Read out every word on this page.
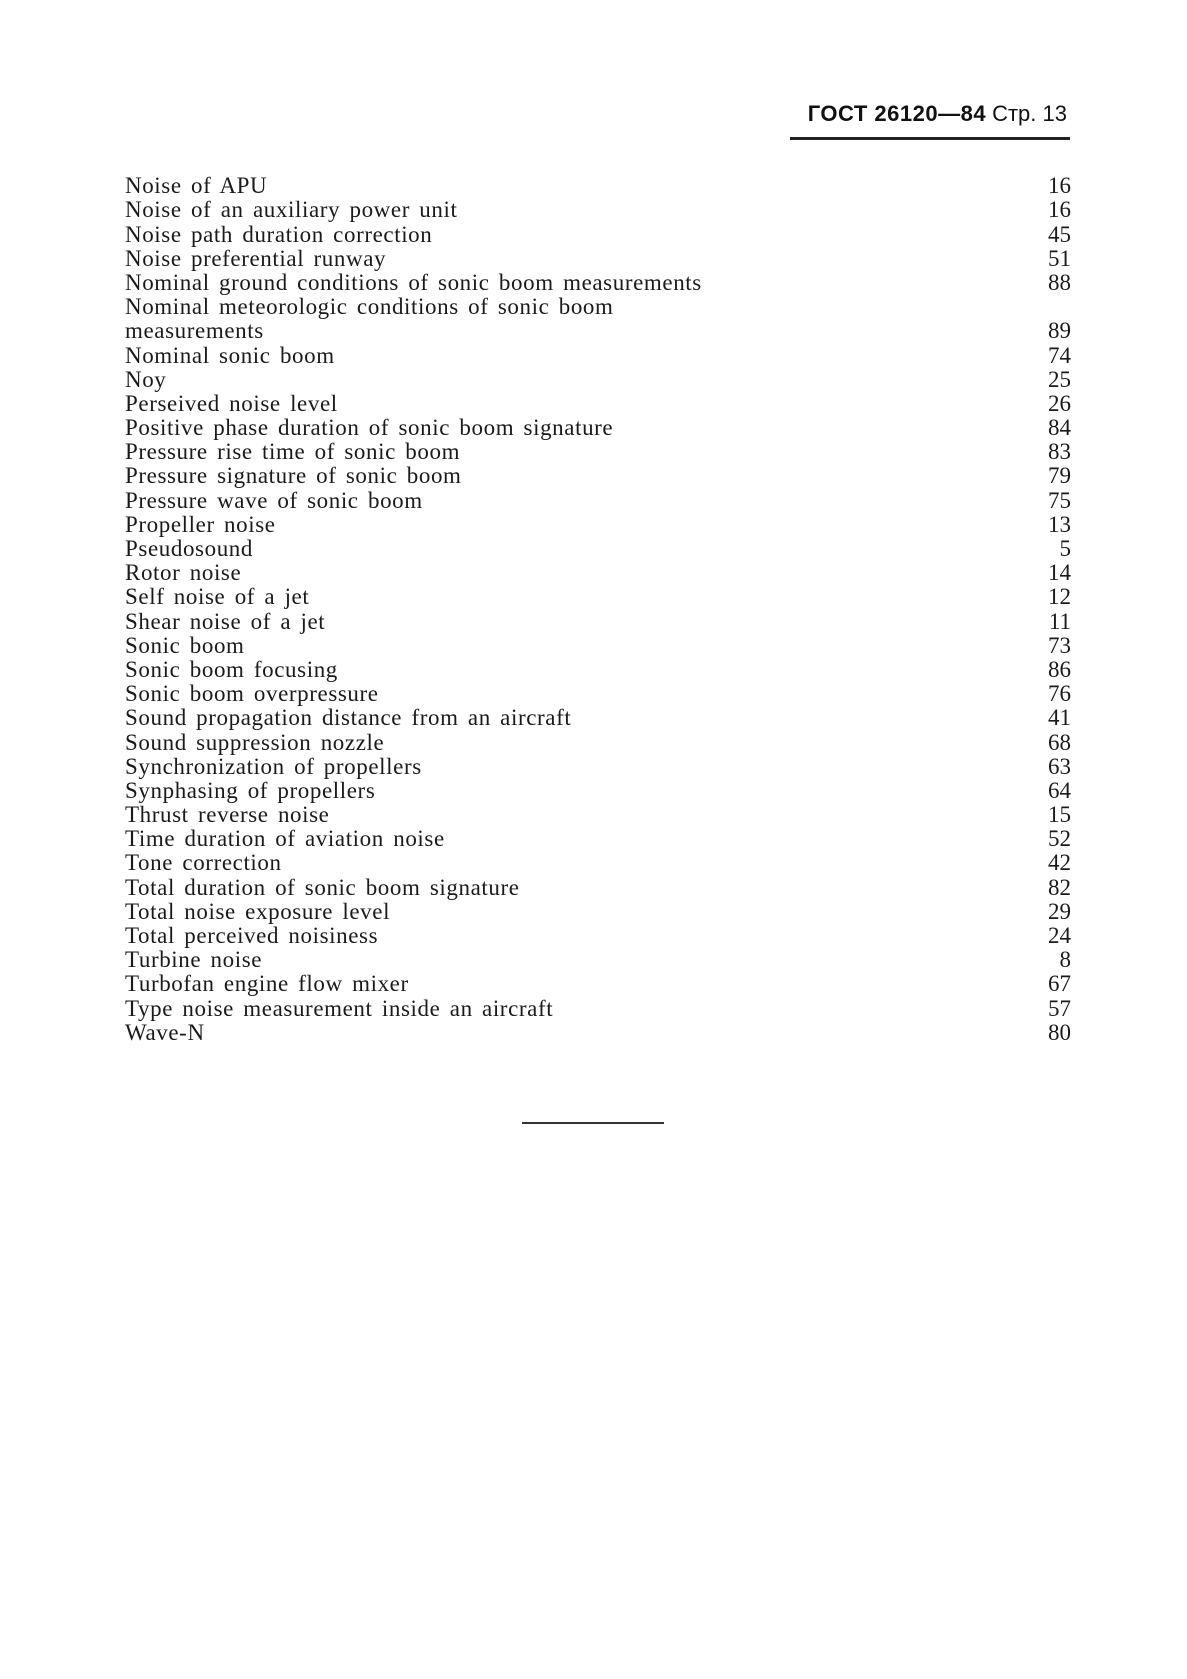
ГОСТ 26120—84 Стр. 13
Noise of APU	16
Noise of an auxiliary power unit	16
Noise path duration correction	45
Noise preferential runway	51
Nominal ground conditions of sonic boom measurements	88
Nominal meteorologic conditions of sonic boom
measurements	89
Nominal sonic boom	74
Noy	25
Perseived noise level	26
Positive phase duration of sonic boom signature	84
Pressure rise time of sonic boom	83
Pressure signature of sonic boom	79
Pressure wave of sonic boom	75
Propeller noise	13
Pseudosound	5
Rotor noise	14
Self noise of a jet	12
Shear noise of a jet	11
Sonic boom	73
Sonic boom focusing	86
Sonic boom overpressure	76
Sound propagation distance from an aircraft	41
Sound suppression nozzle	68
Synchronization of propellers	63
Synphasing of propellers	64
Thrust reverse noise	15
Time duration of aviation noise	52
Tone correction	42
Total duration of sonic boom signature	82
Total noise exposure level	29
Total perceived noisiness	24
Turbine noise	8
Turbofan engine flow mixer	67
Type noise measurement inside an aircraft	57
Wave-N	80
